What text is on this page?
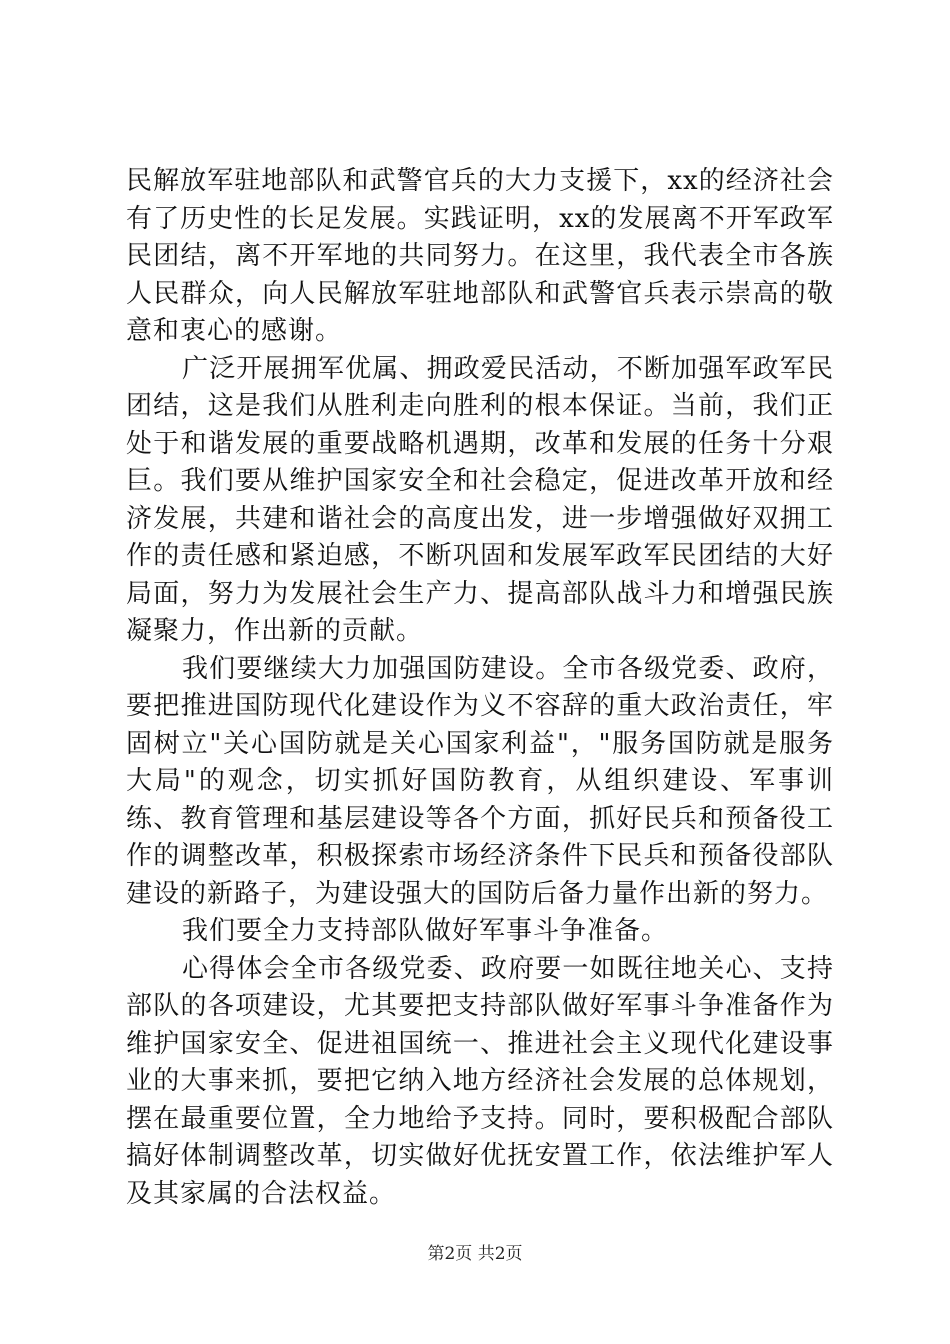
民解放军驻地部队和武警官兵的大力支援下，xx的经济社会有了历史性的长足发展。实践证明，xx的发展离不开军政军民团结，离不开军地的共同努力。在这里，我代表全市各族人民群众，向人民解放军驻地部队和武警官兵表示崇高的敬意和衷心的感谢。

广泛开展拥军优属、拥政爱民活动，不断加强军政军民团结，这是我们从胜利走向胜利的根本保证。当前，我们正处于和谐发展的重要战略机遇期，改革和发展的任务十分艰巨。我们要从维护国家安全和社会稳定，促进改革开放和经济发展，共建和谐社会的高度出发，进一步增强做好双拥工作的责任感和紧迫感，不断巩固和发展军政军民团结的大好局面，努力为发展社会生产力、提高部队战斗力和增强民族凝聚力，作出新的贡献。

我们要继续大力加强国防建设。全市各级党委、政府，要把推进国防现代化建设作为义不容辞的重大政治责任，牢固树立"关心国防就是关心国家利益"，"服务国防就是服务大局"的观念，切实抓好国防教育，从组织建设、军事训练、教育管理和基层建设等各个方面，抓好民兵和预备役工作的调整改革，积极探索市场经济条件下民兵和预备役部队建设的新路子，为建设强大的国防后备力量作出新的努力。

我们要全力支持部队做好军事斗争准备。

心得体会全市各级党委、政府要一如既往地关心、支持部队的各项建设，尤其要把支持部队做好军事斗争准备作为维护国家安全、促进祖国统一、推进社会主义现代化建设事业的大事来抓，要把它纳入地方经济社会发展的总体规划，摆在最重要位置，全力地给予支持。同时，要积极配合部队搞好体制调整改革，切实做好优抚安置工作，依法维护军人及其家属的合法权益。

第2页 共2页
